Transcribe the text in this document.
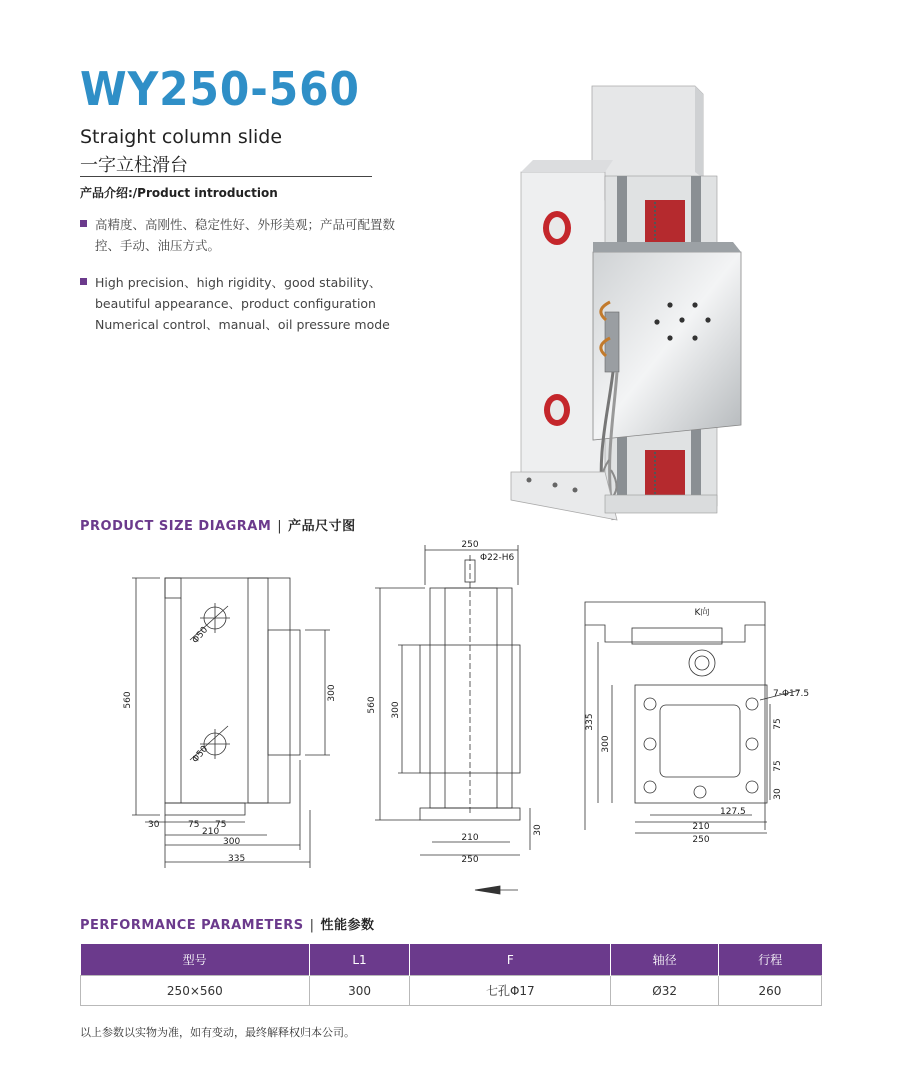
WY250-560
Straight column slide
一字立柱滑台
产品介绍:/Product introduction
高精度、高刚性、稳定性好、外形美观；产品可配置数控、手动、油压方式。
High precision、high rigidity、good stability、beautiful appearance、product configuration Numerical control、manual、oil pressure mode
PRODUCT SIZE DIAGRAM | 产品尺寸图
560
Φ50
Φ50
300
30	75 75
210
300
335
250
Φ22-H6
560 300
210
250
30
K向
7-Φ17.5
335
300
75
75
30
127.5
210
250
PERFORMANCE PARAMETERS | 性能参数
型号	L1	F	轴径	行程
250×560	300	七孔Φ17	Ø32	260
以上参数以实物为准，如有变动，最终解释权归本公司。
